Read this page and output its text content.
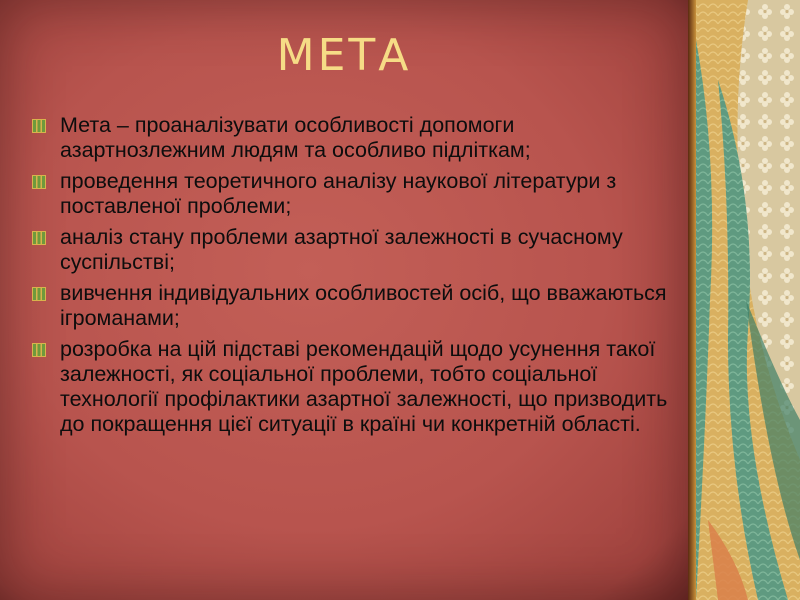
МЕТА
Мета – проаналізувати особливості допомоги азартнозлежним людям та особливо підліткам;
проведення теоретичного аналізу наукової літератури з поставленої проблеми;
аналіз стану проблеми азартної залежності в сучасному суспільстві;
вивчення індивідуальних особливостей осіб, що вважаються ігроманами;
розробка на цій підставі рекомендацій щодо усунення такої залежності, як соціальної проблеми, тобто соціальної технології профілактики азартної залежності, що призводить до покращення цієї ситуації в країні чи конкретній області.
